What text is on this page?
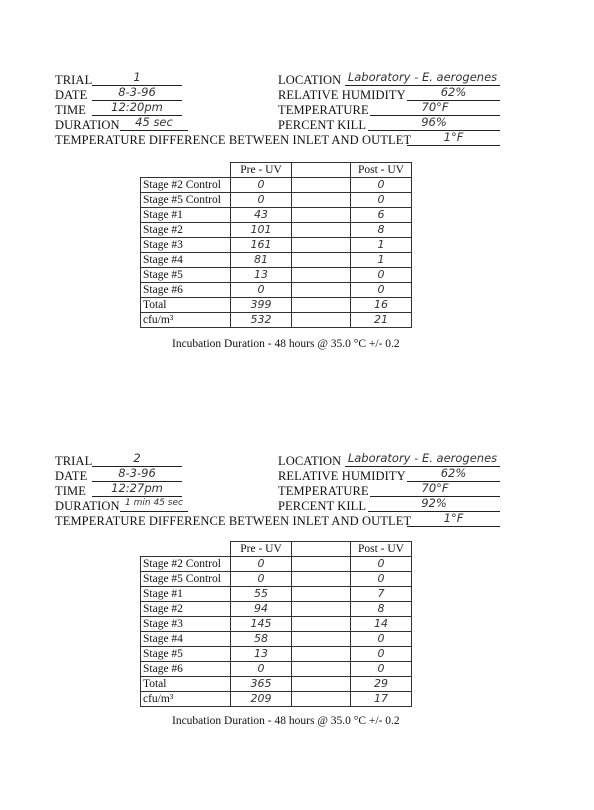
TRIAL	1
DATE	8-3-96
TIME	12:20pm
DURATION	45 sec
LOCATION Laboratory - E. aerogenes
RELATIVE HUMIDITY	62%
TEMPERATURE	70°F
PERCENT KILL	96%
TEMPERATURE DIFFERENCE BETWEEN INLET AND OUTLET	1°F
	Pre - UV		Post - UV
Stage #2 Control	0		0
Stage #5 Control	0		0
Stage #1	43		6
Stage #2	101		8
Stage #3	161		1
Stage #4	81		1
Stage #5	13		0
Stage #6	0		0
Total	399		16
cfu/m³	532		21
Incubation Duration - 48 hours @ 35.0 °C +/- 0.2
TRIAL	2
DATE	8-3-96
TIME	12:27pm
DURATION 1 min 45 sec
LOCATION Laboratory - E. aerogenes
RELATIVE HUMIDITY	62%
TEMPERATURE	70°F
PERCENT KILL	92%
TEMPERATURE DIFFERENCE BETWEEN INLET AND OUTLET	1°F
	Pre - UV		Post - UV
Stage #2 Control	0		0
Stage #5 Control	0		0
Stage #1	55		7
Stage #2	94		8
Stage #3	145		14
Stage #4	58		0
Stage #5	13		0
Stage #6	0		0
Total	365		29
cfu/m³	209		17
Incubation Duration - 48 hours @ 35.0 °C +/- 0.2
